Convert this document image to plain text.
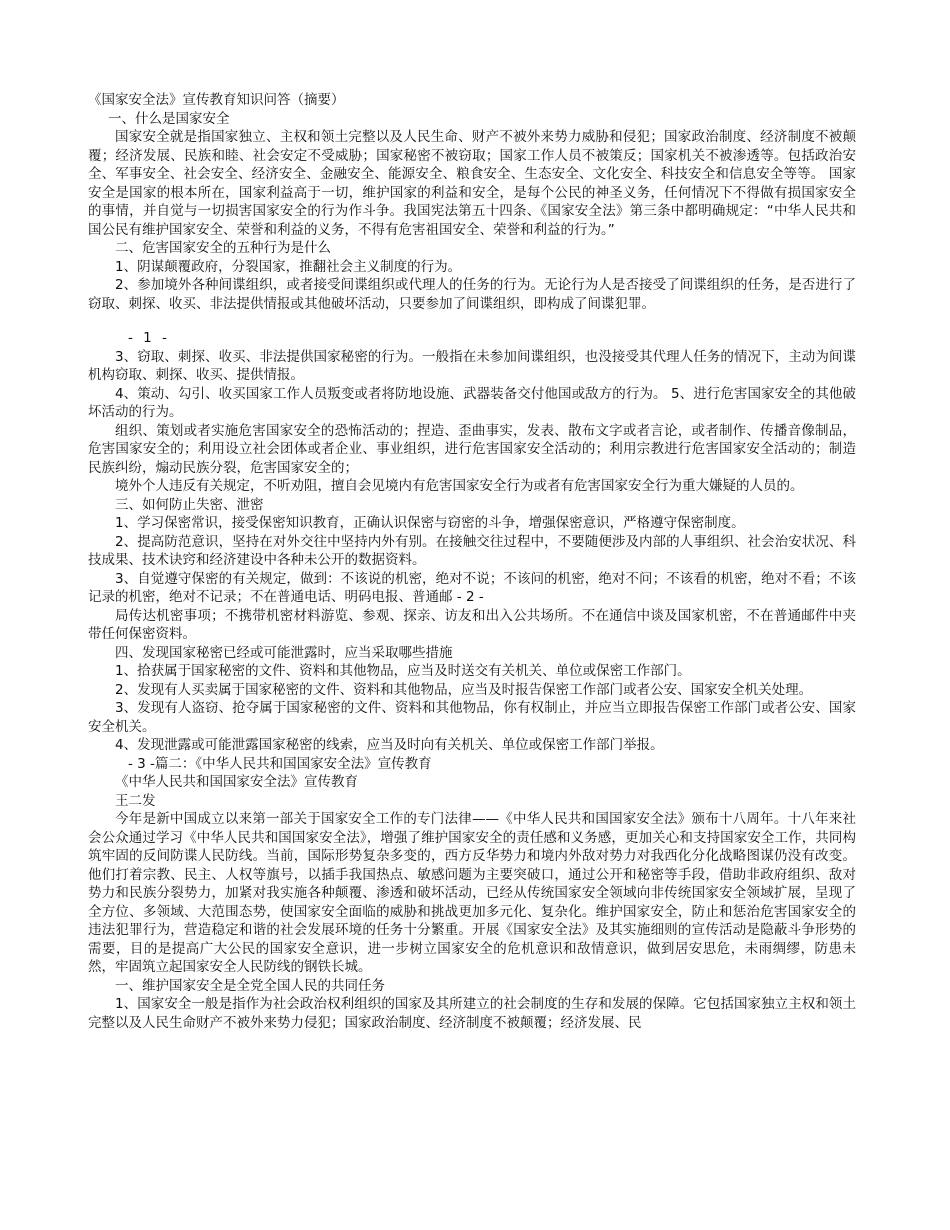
《国家安全法》宣传教育知识问答（摘要）

一、什么是国家安全

国家安全就是指国家独立、主权和领土完整以及人民生命、财产不被外来势力威胁和侵犯；国家政治制度、经济制度不被颠覆；经济发展、民族和睦、社会安定不受威胁；国家秘密不被窃取；国家工作人员不被策反；国家机关不被渗透等。包括政治安全、军事安全、社会安全、经济安全、金融安全、能源安全、粮食安全、生态安全、文化安全、科技安全和信息安全等等。 国家安全是国家的根本所在，国家利益高于一切，维护国家的利益和安全，是每个公民的神圣义务，任何情况下不得做有损国家安全的事情，并自觉与一切损害国家安全的行为作斗争。我国宪法第五十四条、《国家安全法》第三条中都明确规定：“中华人民共和国公民有维护国家安全、荣誉和利益的义务，不得有危害祖国安全、荣誉和利益的行为。”

二、危害国家安全的五种行为是什么

1、阴谋颠覆政府，分裂国家，推翻社会主义制度的行为。

2、参加境外各种间谍组织，或者接受间谍组织或代理人的任务的行为。无论行为人是否接受了间谍组织的任务，是否进行了窃取、刺探、收买、非法提供情报或其他破坏活动，只要参加了间谍组织，即构成了间谍犯罪。

- 1 -

3、窃取、刺探、收买、非法提供国家秘密的行为。一般指在未参加间谍组织，也没接受其代理人任务的情况下，主动为间谍机构窃取、刺探、收买、提供情报。

4、策动、勾引、收买国家工作人员叛变或者将防地设施、武器装备交付他国或敌方的行为。 5、进行危害国家安全的其他破坏活动的行为。

组织、策划或者实施危害国家安全的恐怖活动的；捏造、歪曲事实，发表、散布文字或者言论，或者制作、传播音像制品，危害国家安全的；利用设立社会团体或者企业、事业组织，进行危害国家安全活动的；利用宗教进行危害国家安全活动的；制造民族纠纷，煽动民族分裂，危害国家安全的；

境外个人违反有关规定，不听劝阻，擅自会见境内有危害国家安全行为或者有危害国家安全行为重大嫌疑的人员的。

三、如何防止失密、泄密

1、学习保密常识，接受保密知识教育，正确认识保密与窃密的斗争，增强保密意识，严格遵守保密制度。

2、提高防范意识，坚持在对外交往中坚持内外有别。在接触交往过程中，不要随便涉及内部的人事组织、社会治安状况、科技成果、技术诀窍和经济建设中各种未公开的数据资料。

3、自觉遵守保密的有关规定，做到：不该说的机密，绝对不说；不该问的机密，绝对不问；不该看的机密，绝对不看；不该记录的机密，绝对不记录；不在普通电话、明码电报、普通邮 - 2 -

局传达机密事项；不携带机密材料游览、参观、探亲、访友和出入公共场所。不在通信中谈及国家机密，不在普通邮件中夹带任何保密资料。

四、发现国家秘密已经或可能泄露时，应当采取哪些措施

1、拾获属于国家秘密的文件、资料和其他物品，应当及时送交有关机关、单位或保密工作部门。

2、发现有人买卖属于国家秘密的文件、资料和其他物品，应当及时报告保密工作部门或者公安、国家安全机关处理。

3、发现有人盗窃、抢夺属于国家秘密的文件、资料和其他物品，你有权制止，并应当立即报告保密工作部门或者公安、国家安全机关。

4、发现泄露或可能泄露国家秘密的线索，应当及时向有关机关、单位或保密工作部门举报。

- 3 -篇二：《中华人民共和国国家安全法》宣传教育

《中华人民共和国国家安全法》宣传教育

王二发

今年是新中国成立以来第一部关于国家安全工作的专门法律——《中华人民共和国国家安全法》颁布十八周年。十八年来社会公众通过学习《中华人民共和国国家安全法》，增强了维护国家安全的责任感和义务感，更加关心和支持国家安全工作，共同构筑牢固的反间防谍人民防线。当前，国际形势复杂多变的，西方反华势力和境内外敌对势力对我西化分化战略图谋仍没有改变。他们打着宗教、民主、人权等旗号，以插手我国热点、敏感问题为主要突破口，通过公开和秘密等手段，借助非政府组织、敌对势力和民族分裂势力，加紧对我实施各种颠覆、渗透和破坏活动，已经从传统国家安全领域向非传统国家安全领域扩展，呈现了全方位、多领域、大范围态势，使国家安全面临的威胁和挑战更加多元化、复杂化。维护国家安全，防止和惩治危害国家安全的违法犯罪行为，营造稳定和谐的社会发展环境的任务十分繁重。开展《国家安全法》及其实施细则的宣传活动是隐蔽斗争形势的需要，目的是提高广大公民的国家安全意识，进一步树立国家安全的危机意识和敌情意识，做到居安思危，未雨绸缪，防患未然，牢固筑立起国家安全人民防线的钢铁长城。

一、维护国家安全是全党全国人民的共同任务

1、国家安全一般是指作为社会政治权利组织的国家及其所建立的社会制度的生存和发展的保障。它包括国家独立主权和领土完整以及人民生命财产不被外来势力侵犯；国家政治制度、经济制度不被颠覆；经济发展、民
